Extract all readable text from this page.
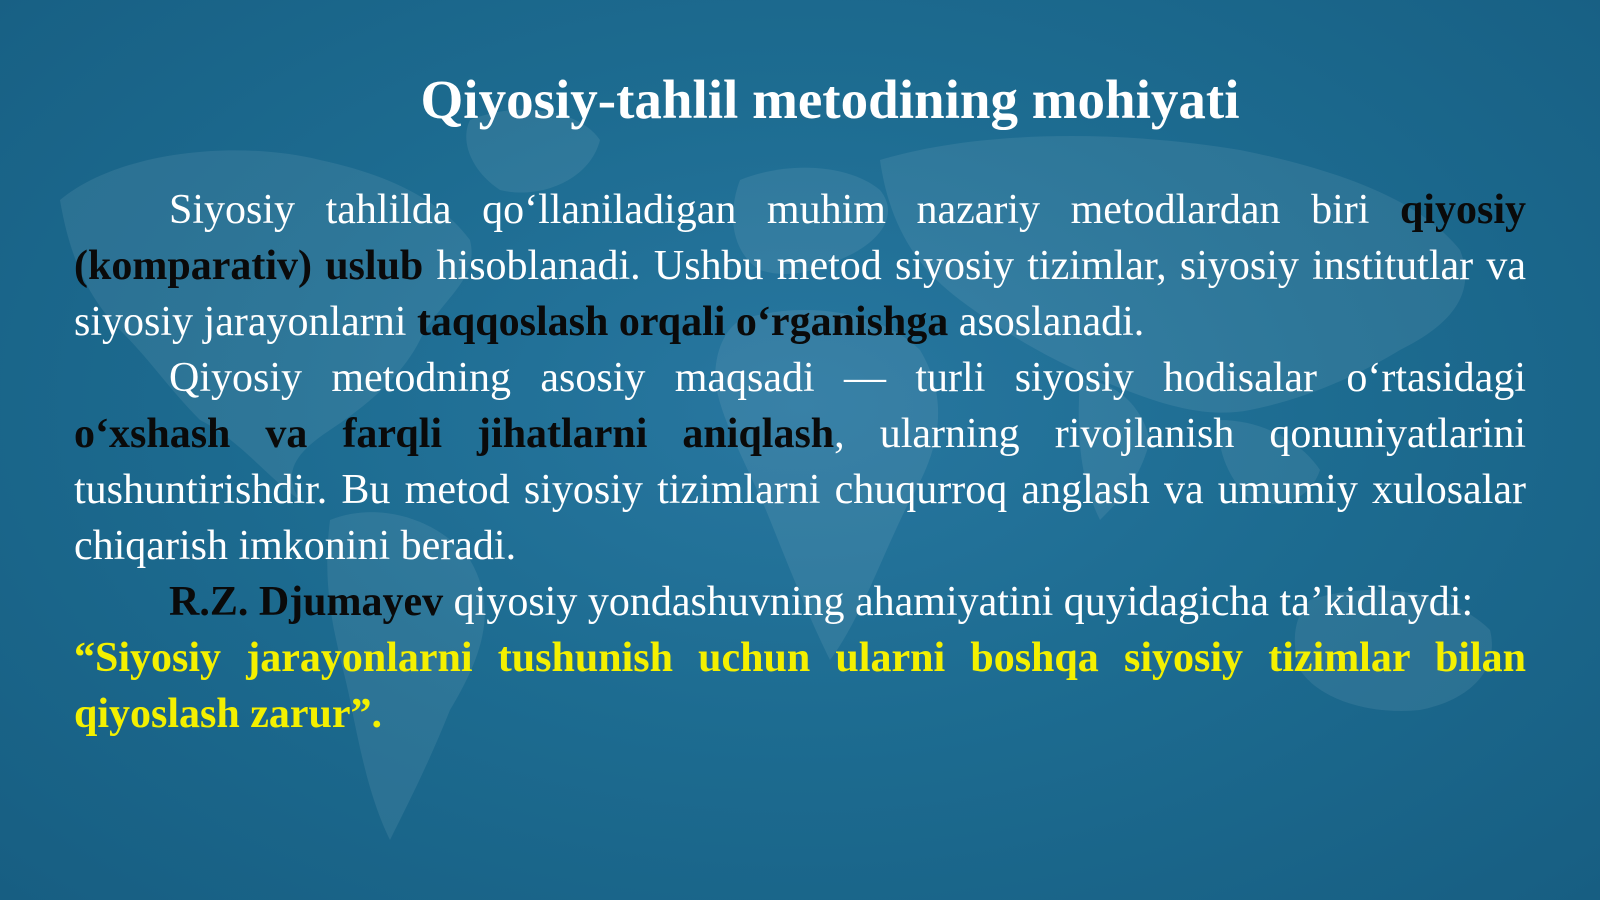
Qiyosiy-tahlil metodining mohiyati

Siyosiy tahlilda qo‘llaniladigan muhim nazariy metodlardan biri qiyosiy (komparativ) uslub hisoblanadi. Ushbu metod siyosiy tizimlar, siyosiy institutlar va siyosiy jarayonlarni taqqoslash orqali o‘rganishga asoslanadi.

Qiyosiy metodning asosiy maqsadi — turli siyosiy hodisalar o‘rtasidagi o‘xshash va farqli jihatlarni aniqlash, ularning rivojlanish qonuniyatlarini tushuntirishdir. Bu metod siyosiy tizimlarni chuqurroq anglash va umumiy xulosalar chiqarish imkonini beradi.

R.Z. Djumayev qiyosiy yondashuvning ahamiyatini quyidagicha ta’kidlaydi:

“Siyosiy jarayonlarni tushunish uchun ularni boshqa siyosiy tizimlar bilan qiyoslash zarur”.
